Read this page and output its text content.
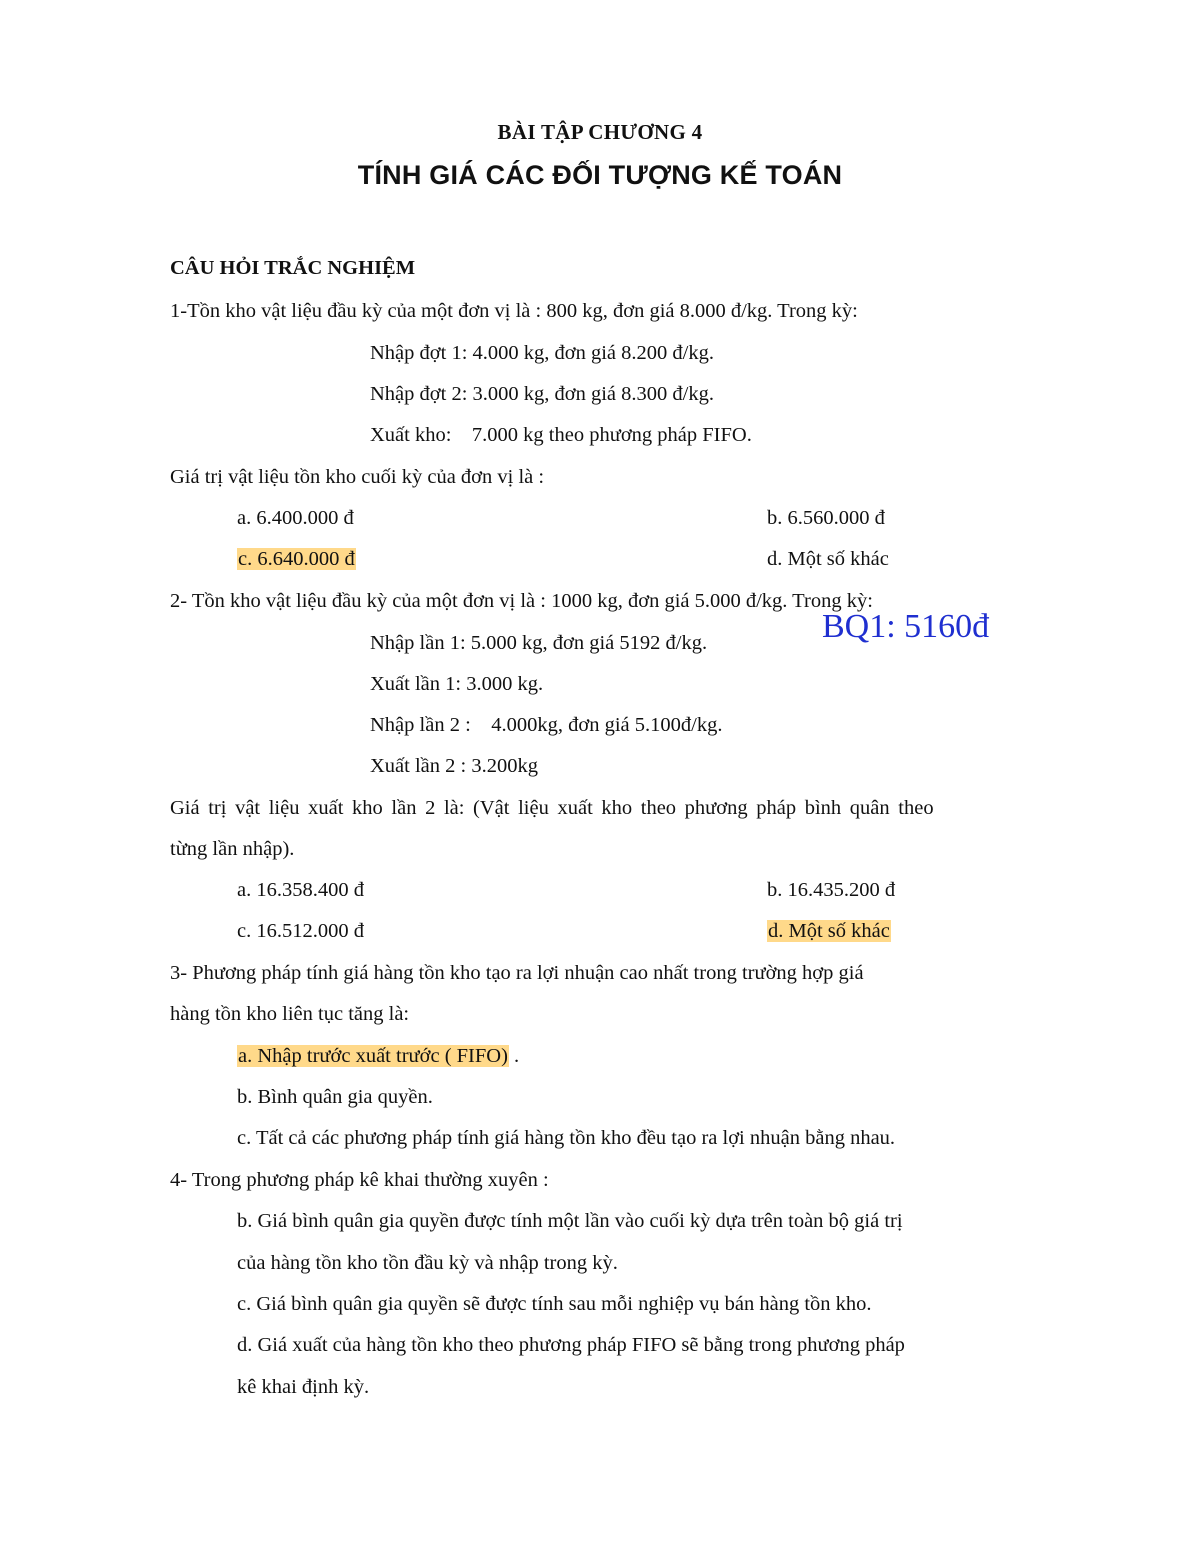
BÀI TẬP CHƯƠNG 4
TÍNH GIÁ CÁC ĐỐI TƯỢNG KẾ TOÁN
CÂU HỎI TRẮC NGHIỆM
1-Tồn kho vật liệu đầu kỳ của một đơn vị là : 800 kg, đơn giá 8.000 đ/kg. Trong kỳ:
Nhập đợt 1: 4.000 kg, đơn giá 8.200 đ/kg.
Nhập đợt 2: 3.000 kg, đơn giá 8.300 đ/kg.
Xuất kho:    7.000 kg theo phương pháp FIFO.
Giá trị vật liệu tồn kho cuối kỳ của đơn vị là :
a. 6.400.000 đ	b. 6.560.000 đ
c. 6.640.000 đ	d. Một số khác
2- Tồn kho vật liệu đầu kỳ của một đơn vị là : 1000 kg, đơn giá 5.000 đ/kg. Trong kỳ:
Nhập lần 1: 5.000 kg, đơn giá 5192 đ/kg.
Xuất lần 1: 3.000 kg.
Nhập lần 2 :    4.000kg, đơn giá 5.100đ/kg.
Xuất lần 2 : 3.200kg
BQ1: 5160đ
Giá trị vật liệu xuất kho lần 2 là: (Vật liệu xuất kho theo phương pháp bình quân theo
từng lần nhập).
a. 16.358.400 đ	b. 16.435.200 đ
c. 16.512.000 đ	d. Một số khác
3- Phương pháp tính giá hàng tồn kho tạo ra lợi nhuận cao nhất trong trường hợp giá
hàng tồn kho liên tục tăng là:
a. Nhập trước xuất trước ( FIFO) .
b. Bình quân gia quyền.
c. Tất cả các phương pháp tính giá hàng tồn kho đều tạo ra lợi nhuận bằng nhau.
4- Trong phương pháp kê khai thường xuyên :
b. Giá bình quân gia quyền được tính một lần vào cuối kỳ dựa trên toàn bộ giá trị
của hàng tồn kho tồn đầu kỳ và nhập trong kỳ.
c. Giá bình quân gia quyền sẽ được tính sau mỗi nghiệp vụ bán hàng tồn kho.
d. Giá xuất của hàng tồn kho theo phương pháp FIFO sẽ bằng trong phương pháp
kê khai định kỳ.
